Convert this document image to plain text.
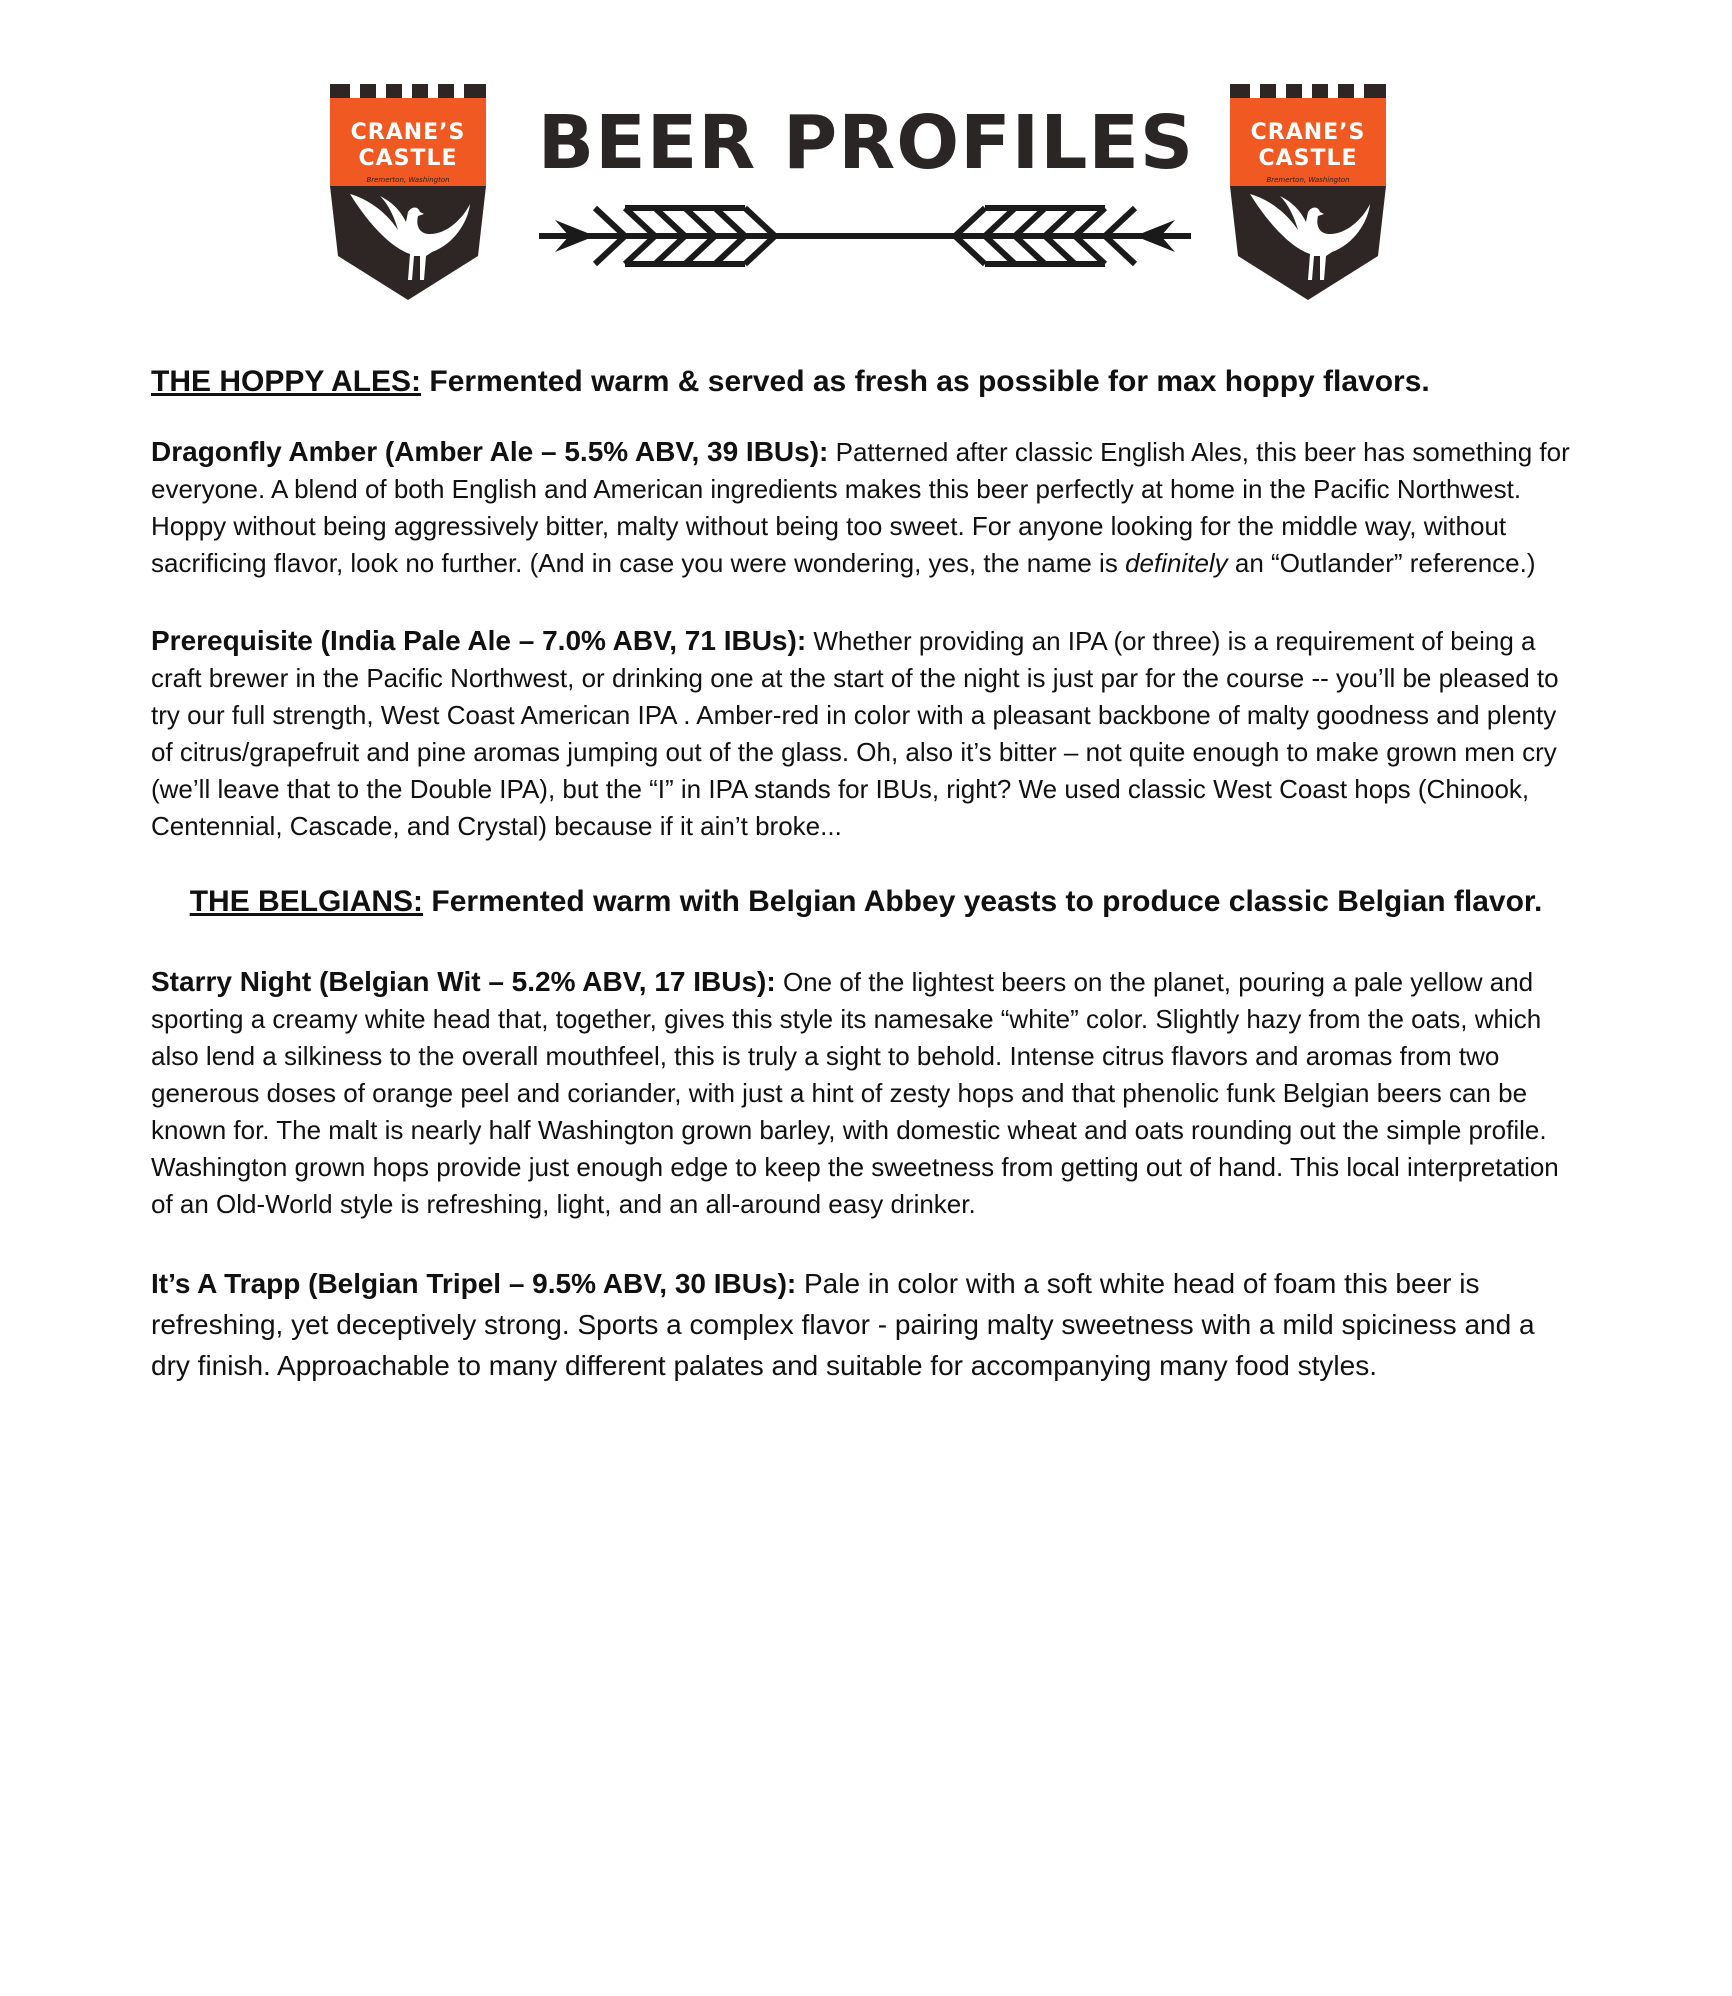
CRANE’S
CASTLE
Bremerton, Washington	BEER PROFILES	CRANE’S
CASTLE
Bremerton, Washington

THE HOPPY ALES: Fermented warm & served as fresh as possible for max hoppy flavors.

Dragonfly Amber (Amber Ale – 5.5% ABV, 39 IBUs): Patterned after classic English Ales, this beer has something for everyone. A blend of both English and American ingredients makes this beer perfectly at home in the Pacific Northwest. Hoppy without being aggressively bitter, malty without being too sweet. For anyone looking for the middle way, without sacrificing flavor, look no further. (And in case you were wondering, yes, the name is definitely an “Outlander” reference.)

Prerequisite (India Pale Ale – 7.0% ABV, 71 IBUs): Whether providing an IPA (or three) is a requirement of being a craft brewer in the Pacific Northwest, or drinking one at the start of the night is just par for the course -- you’ll be pleased to try our full strength, West Coast American IPA . Amber-red in color with a pleasant backbone of malty goodness and plenty of citrus/grapefruit and pine aromas jumping out of the glass. Oh, also it’s bitter – not quite enough to make grown men cry (we’ll leave that to the Double IPA), but the “I” in IPA stands for IBUs, right? We used classic West Coast hops (Chinook, Centennial, Cascade, and Crystal) because if it ain’t broke...

THE BELGIANS: Fermented warm with Belgian Abbey yeasts to produce classic Belgian flavor.

Starry Night (Belgian Wit – 5.2% ABV, 17 IBUs): One of the lightest beers on the planet, pouring a pale yellow and sporting a creamy white head that, together, gives this style its namesake “white” color. Slightly hazy from the oats, which also lend a silkiness to the overall mouthfeel, this is truly a sight to behold. Intense citrus flavors and aromas from two generous doses of orange peel and coriander, with just a hint of zesty hops and that phenolic funk Belgian beers can be known for. The malt is nearly half Washington grown barley, with domestic wheat and oats rounding out the simple profile. Washington grown hops provide just enough edge to keep the sweetness from getting out of hand. This local interpretation of an Old-World style is refreshing, light, and an all-around easy drinker.

It’s A Trapp (Belgian Tripel – 9.5% ABV, 30 IBUs): Pale in color with a soft white head of foam this beer is refreshing, yet deceptively strong. Sports a complex flavor - pairing malty sweetness with a mild spiciness and a dry finish. Approachable to many different palates and suitable for accompanying many food styles.
